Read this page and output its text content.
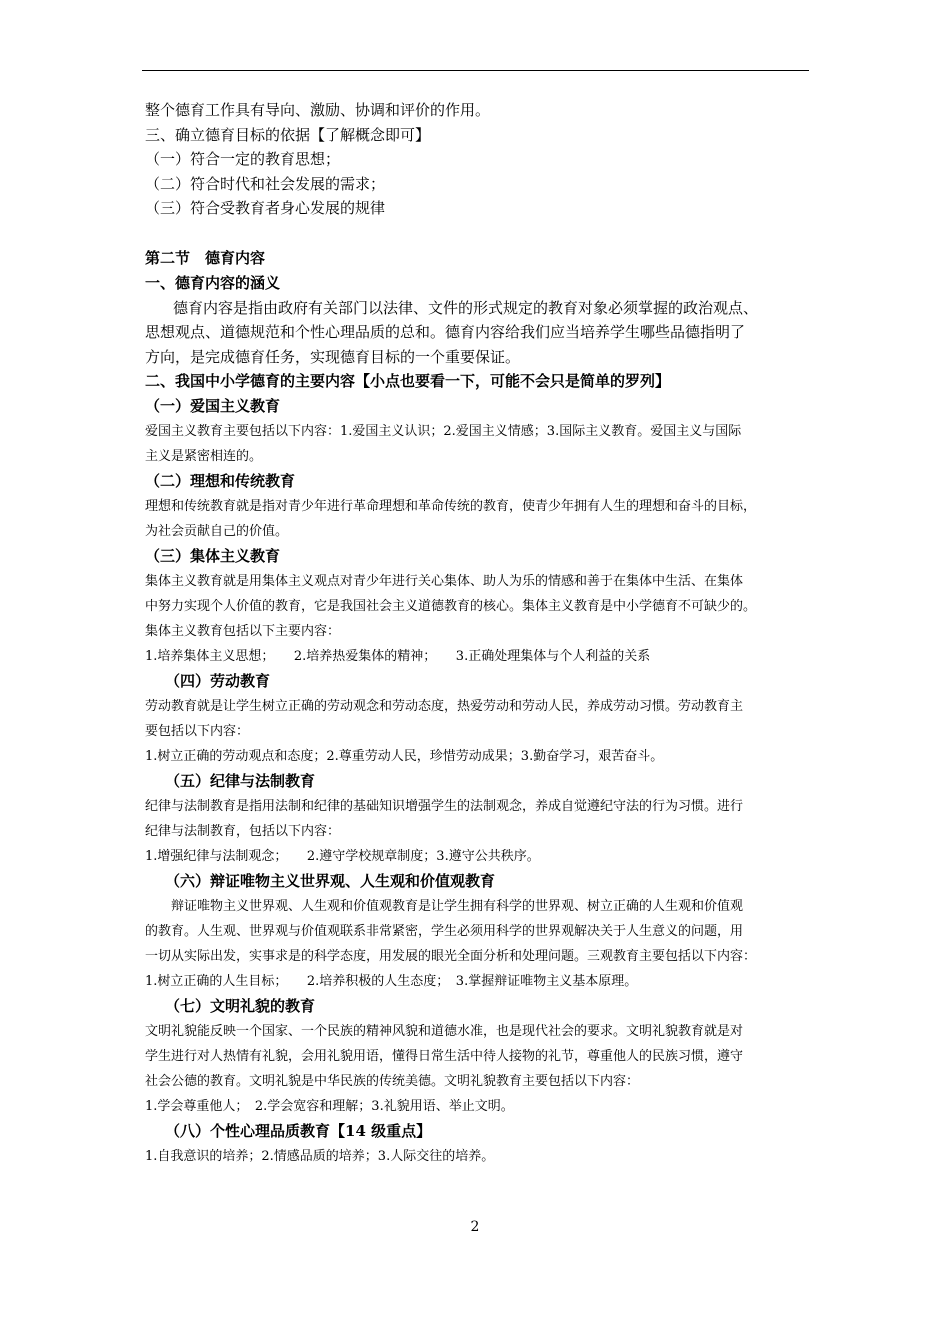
整个德育工作具有导向、激励、协调和评价的作用。
三、确立德育目标的依据【了解概念即可】
（一）符合一定的教育思想；
（二）符合时代和社会发展的需求；
（三）符合受教育者身心发展的规律
第二节　德育内容
一、德育内容的涵义
德育内容是指由政府有关部门以法律、文件的形式规定的教育对象必须掌握的政治观点、
思想观点、道德规范和个性心理品质的总和。德育内容给我们应当培养学生哪些品德指明了
方向，是完成德育任务，实现德育目标的一个重要保证。
二、我国中小学德育的主要内容【小点也要看一下，可能不会只是简单的罗列】
（一）爱国主义教育
爱国主义教育主要包括以下内容：1.爱国主义认识；2.爱国主义情感；3.国际主义教育。爱国主义与国际
主义是紧密相连的。
（二）理想和传统教育
理想和传统教育就是指对青少年进行革命理想和革命传统的教育，使青少年拥有人生的理想和奋斗的目标，
为社会贡献自己的价值。
（三）集体主义教育
集体主义教育就是用集体主义观点对青少年进行关心集体、助人为乐的情感和善于在集体中生活、在集体
中努力实现个人价值的教育，它是我国社会主义道德教育的核心。集体主义教育是中小学德育不可缺少的。
集体主义教育包括以下主要内容：
1.培养集体主义思想；　　2.培养热爱集体的精神；　　3.正确处理集体与个人利益的关系
（四）劳动教育
劳动教育就是让学生树立正确的劳动观念和劳动态度，热爱劳动和劳动人民，养成劳动习惯。劳动教育主
要包括以下内容：
1.树立正确的劳动观点和态度；2.尊重劳动人民，珍惜劳动成果；3.勤奋学习，艰苦奋斗。
（五）纪律与法制教育
纪律与法制教育是指用法制和纪律的基础知识增强学生的法制观念，养成自觉遵纪守法的行为习惯。进行
纪律与法制教育，包括以下内容：
1.增强纪律与法制观念；　　2.遵守学校规章制度；3.遵守公共秩序。
（六）辩证唯物主义世界观、人生观和价值观教育
　　辩证唯物主义世界观、人生观和价值观教育是让学生拥有科学的世界观、树立正确的人生观和价值观
的教育。人生观、世界观与价值观联系非常紧密，学生必须用科学的世界观解决关于人生意义的问题，用
一切从实际出发，实事求是的科学态度，用发展的眼光全面分析和处理问题。三观教育主要包括以下内容：
1.树立正确的人生目标；　　2.培养积极的人生态度；　3.掌握辩证唯物主义基本原理。
（七）文明礼貌的教育
文明礼貌能反映一个国家、一个民族的精神风貌和道德水准，也是现代社会的要求。文明礼貌教育就是对
学生进行对人热情有礼貌，会用礼貌用语，懂得日常生活中待人接物的礼节，尊重他人的民族习惯，遵守
社会公德的教育。文明礼貌是中华民族的传统美德。文明礼貌教育主要包括以下内容：
1.学会尊重他人；　2.学会宽容和理解；3.礼貌用语、举止文明。
（八）个性心理品质教育【14 级重点】
1.自我意识的培养；2.情感品质的培养；3.人际交往的培养。
2
